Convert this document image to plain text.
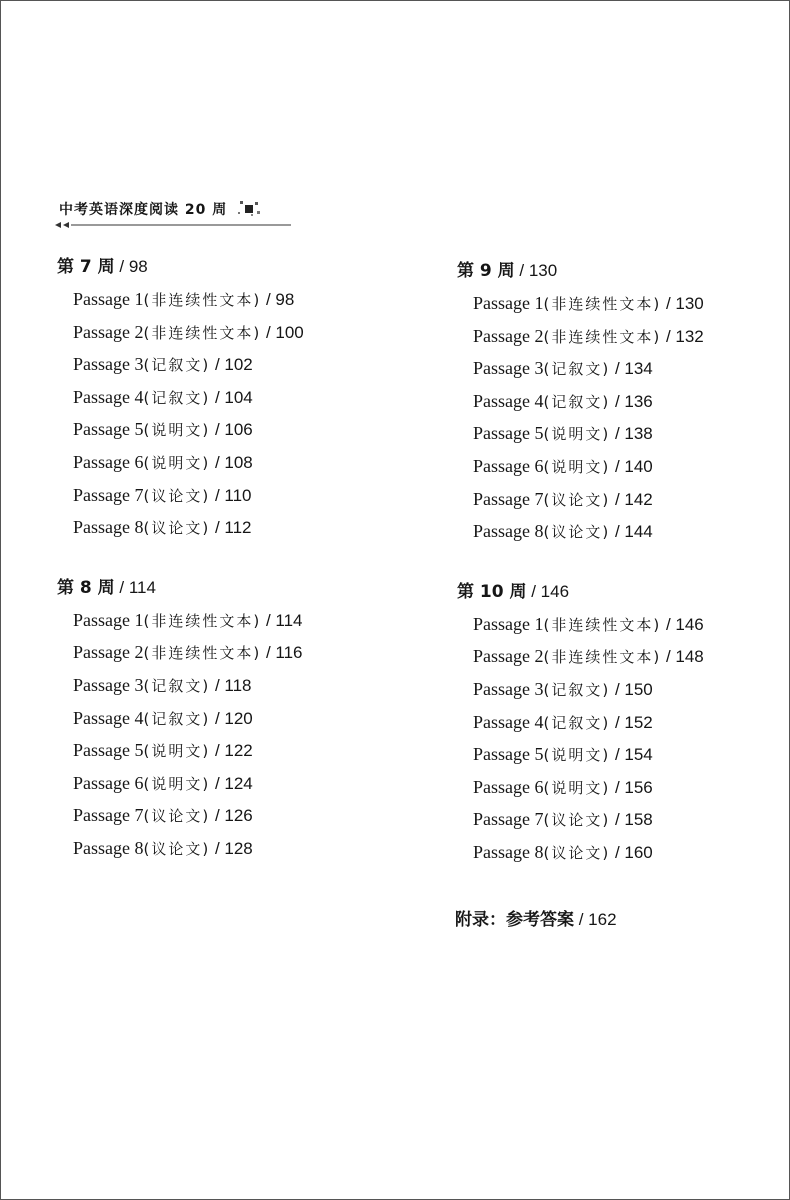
中考英语深度阅读 20 周
第 7 周 / 98
Passage 1(非连续性文本) / 98
Passage 2(非连续性文本) / 100
Passage 3(记叙文) / 102
Passage 4(记叙文) / 104
Passage 5(说明文) / 106
Passage 6(说明文) / 108
Passage 7(议论文) / 110
Passage 8(议论文) / 112
第 8 周 / 114
Passage 1(非连续性文本) / 114
Passage 2(非连续性文本) / 116
Passage 3(记叙文) / 118
Passage 4(记叙文) / 120
Passage 5(说明文) / 122
Passage 6(说明文) / 124
Passage 7(议论文) / 126
Passage 8(议论文) / 128
第 9 周 / 130
Passage 1(非连续性文本) / 130
Passage 2(非连续性文本) / 132
Passage 3(记叙文) / 134
Passage 4(记叙文) / 136
Passage 5(说明文) / 138
Passage 6(说明文) / 140
Passage 7(议论文) / 142
Passage 8(议论文) / 144
第 10 周 / 146
Passage 1(非连续性文本) / 146
Passage 2(非连续性文本) / 148
Passage 3(记叙文) / 150
Passage 4(记叙文) / 152
Passage 5(说明文) / 154
Passage 6(说明文) / 156
Passage 7(议论文) / 158
Passage 8(议论文) / 160
附录：参考答案 / 162
